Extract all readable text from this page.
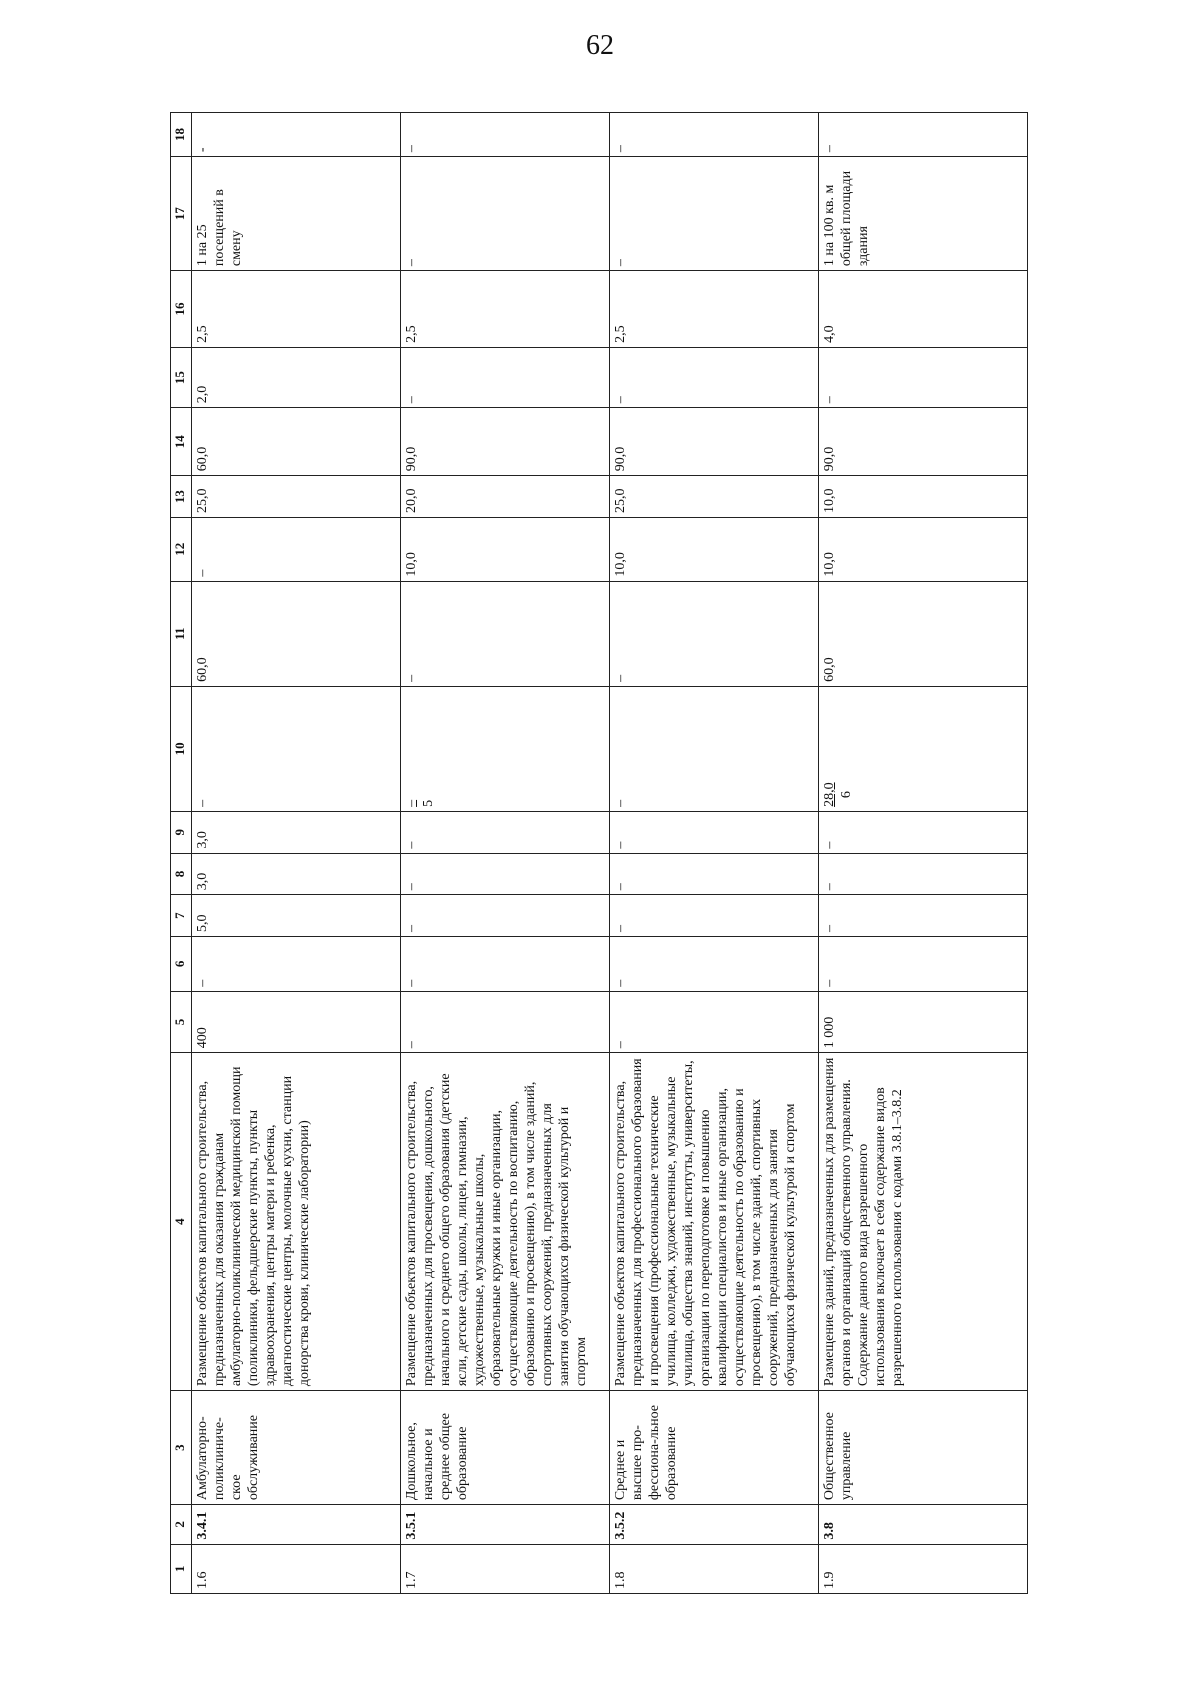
62
1	2	3	4	5	6	7	8	9	10	11	12	13	14	15	16	17	18
1.6	3.4.1	Амбулаторно-поликлиниче-ское обслуживание	Размещение объектов капитального строительства, предназначенных для оказания гражданам амбулаторно-поликлинической медицинской помощи (поликлиники, фельдшерские пункты, пункты здравоохранения, центры матери и ребенка, диагностические центры, молочные кухни, станции донорства крови, клинические лаборатории)	400	–	5,0	3,0	3,0	–	60,0	–	25,0	60,0	2,0	2,5	1 на 25 посещений в смену	-
1.7	3.5.1	Дошкольное, начальное и среднее общее образование	Размещение объектов капитального строительства, предназначенных для просвещения, дошкольного, начального и среднего общего образования (детские ясли, детские сады, школы, лицеи, гимназии, художественные, музыкальные школы, образовательные кружки и иные организации, осуществляющие деятельность по воспитанию, образованию и просвещению), в том числе зданий, спортивных сооружений, предназначенных для занятия обучающихся физической культурой и спортом	–	–	–	–	–	– 5	–	10,0	20,0	90,0	–	2,5	–	–
1.8	3.5.2	Среднее и высшее про-фессиона-льное образование	Размещение объектов капитального строительства, предназначенных для профессионального образования и просвещения (профессиональные технические училища, колледжи, художественные, музыкальные училища, общества знаний, институты, университеты, организации по переподготовке и повышению квалификации специалистов и иные организации, осуществляющие деятельность по образованию и просвещению), в том числе зданий, спортивных сооружений, предназначенных для занятия обучающихся физической культурой и спортом	–	–	–	–	–	–	–	10,0	25,0	90,0	–	2,5	–	–
1.9	3.8	Общественное управление	Размещение зданий, предназначенных для размещения органов и организаций общественного управления. Содержание данного вида разрешенного использования включает в себя содержание видов разрешенного использования с кодами 3.8.1–3.8.2	1 000	–	–	–	–	28,0 6	60,0	10,0	10,0	90,0	–	4,0	1 на 100 кв. м общей площади здания	–
